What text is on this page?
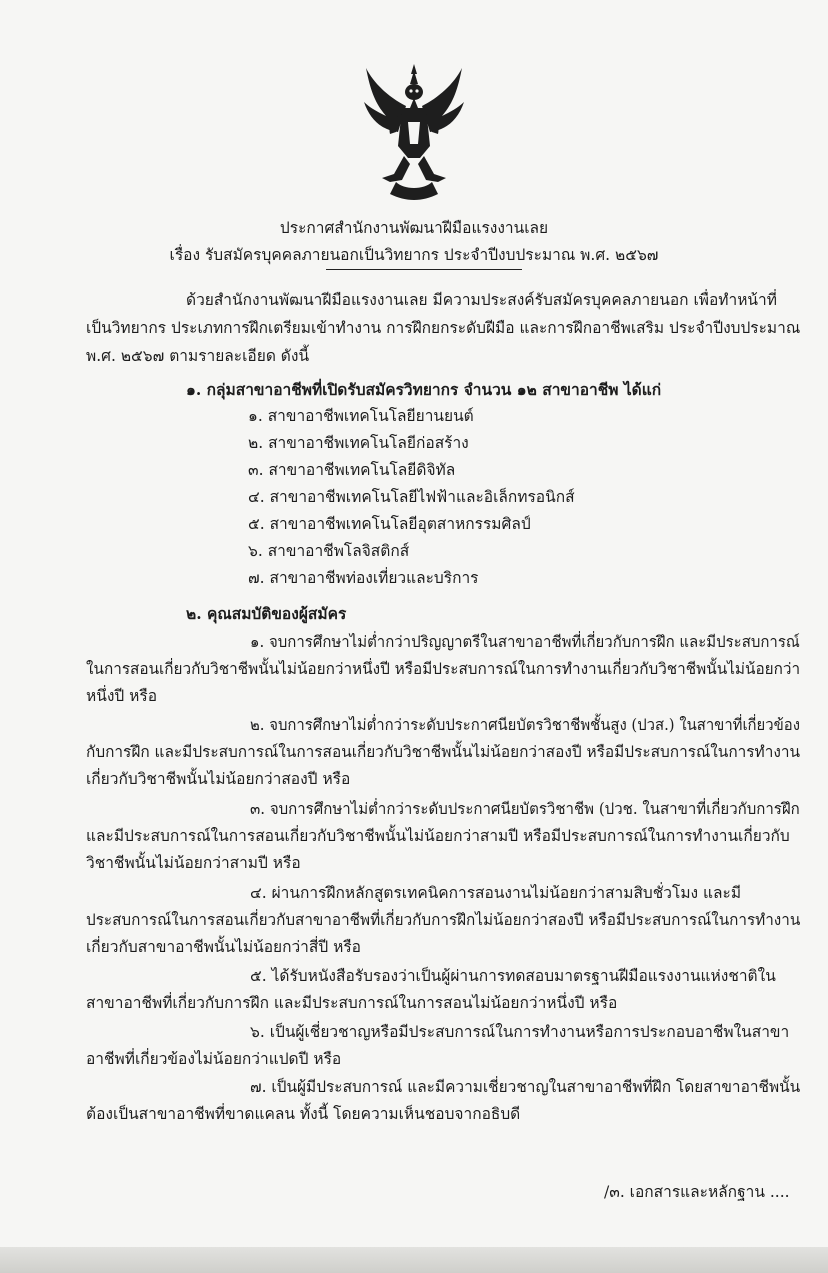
ประกาศสำนักงานพัฒนาฝีมือแรงงานเลย
เรื่อง รับสมัครบุคคลภายนอกเป็นวิทยากร ประจำปีงบประมาณ พ.ศ. ๒๕๖๗
ด้วยสำนักงานพัฒนาฝีมือแรงงานเลย มีความประสงค์รับสมัครบุคคลภายนอก เพื่อทำหน้าที่
เป็นวิทยากร ประเภทการฝึกเตรียมเข้าทำงาน การฝึกยกระดับฝีมือ และการฝึกอาชีพเสริม ประจำปีงบประมาณ
พ.ศ. ๒๕๖๗ ตามรายละเอียด ดังนี้
๑. กลุ่มสาขาอาชีพที่เปิดรับสมัครวิทยากร จำนวน ๑๒ สาขาอาชีพ ได้แก่
๑. สาขาอาชีพเทคโนโลยียานยนต์
๒. สาขาอาชีพเทคโนโลยีก่อสร้าง
๓. สาขาอาชีพเทคโนโลยีดิจิทัล
๔. สาขาอาชีพเทคโนโลยีไฟฟ้าและอิเล็กทรอนิกส์
๕. สาขาอาชีพเทคโนโลยีอุตสาหกรรมศิลป์
๖. สาขาอาชีพโลจิสติกส์
๗. สาขาอาชีพท่องเที่ยวและบริการ
๒. คุณสมบัติของผู้สมัคร
๑. จบการศึกษาไม่ต่ำกว่าปริญญาตรีในสาขาอาชีพที่เกี่ยวกับการฝึก และมีประสบการณ์
ในการสอนเกี่ยวกับวิชาชีพนั้นไม่น้อยกว่าหนึ่งปี หรือมีประสบการณ์ในการทำงานเกี่ยวกับวิชาชีพนั้นไม่น้อยกว่า
หนึ่งปี หรือ
๒. จบการศึกษาไม่ต่ำกว่าระดับประกาศนียบัตรวิชาชีพชั้นสูง (ปวส.) ในสาขาที่เกี่ยวข้อง
กับการฝึก และมีประสบการณ์ในการสอนเกี่ยวกับวิชาชีพนั้นไม่น้อยกว่าสองปี หรือมีประสบการณ์ในการทำงาน
เกี่ยวกับวิชาชีพนั้นไม่น้อยกว่าสองปี หรือ
๓. จบการศึกษาไม่ต่ำกว่าระดับประกาศนียบัตรวิชาชีพ (ปวช. ในสาขาที่เกี่ยวกับการฝึก
และมีประสบการณ์ในการสอนเกี่ยวกับวิชาชีพนั้นไม่น้อยกว่าสามปี หรือมีประสบการณ์ในการทำงานเกี่ยวกับ
วิชาชีพนั้นไม่น้อยกว่าสามปี หรือ
๔. ผ่านการฝึกหลักสูตรเทคนิคการสอนงานไม่น้อยกว่าสามสิบชั่วโมง และมี
ประสบการณ์ในการสอนเกี่ยวกับสาขาอาชีพที่เกี่ยวกับการฝึกไม่น้อยกว่าสองปี หรือมีประสบการณ์ในการทำงาน
เกี่ยวกับสาขาอาชีพนั้นไม่น้อยกว่าสี่ปี หรือ
๕. ได้รับหนังสือรับรองว่าเป็นผู้ผ่านการทดสอบมาตรฐานฝีมือแรงงานแห่งชาติใน
สาขาอาชีพที่เกี่ยวกับการฝึก และมีประสบการณ์ในการสอนไม่น้อยกว่าหนึ่งปี หรือ
๖. เป็นผู้เชี่ยวชาญหรือมีประสบการณ์ในการทำงานหรือการประกอบอาชีพในสาขา
อาชีพที่เกี่ยวข้องไม่น้อยกว่าแปดปี หรือ
๗. เป็นผู้มีประสบการณ์ และมีความเชี่ยวชาญในสาขาอาชีพที่ฝึก โดยสาขาอาชีพนั้น
ต้องเป็นสาขาอาชีพที่ขาดแคลน ทั้งนี้ โดยความเห็นชอบจากอธิบดี
/๓. เอกสารและหลักฐาน ....
